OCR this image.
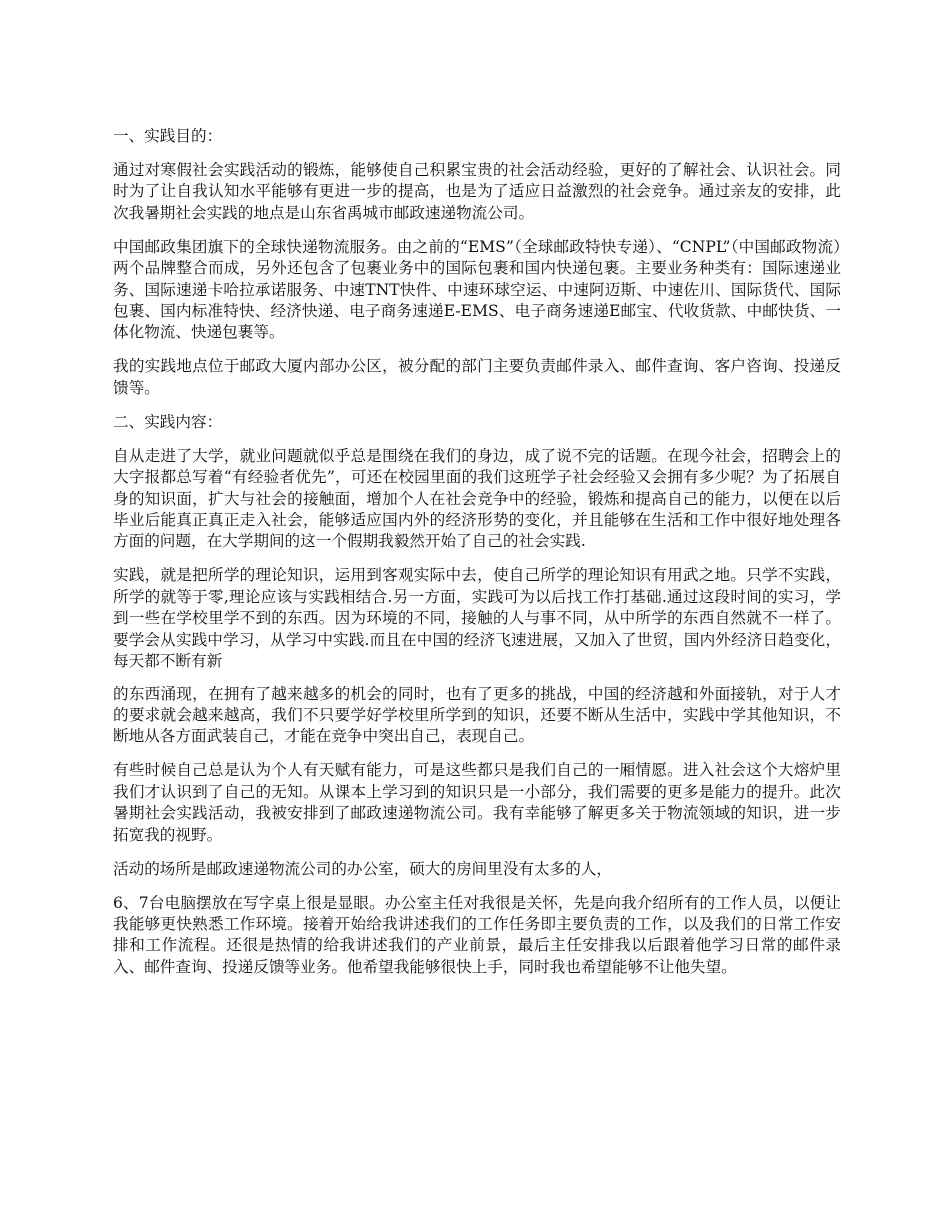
一、实践目的：

通过对寒假社会实践活动的锻炼，能够使自己积累宝贵的社会活动经验，更好的了解社会、认识社会。同时为了让自我认知水平能够有更进一步的提高，也是为了适应日益激烈的社会竞争。通过亲友的安排，此次我暑期社会实践的地点是山东省禹城市邮政速递物流公司。

中国邮政集团旗下的全球快递物流服务。由之前的“EMS”（全球邮政特快专递）、“CNPL”（中国邮政物流）两个品牌整合而成，另外还包含了包裹业务中的国际包裹和国内快递包裹。主要业务种类有：国际速递业务、国际速递卡哈拉承诺服务、中速TNT快件、中速环球空运、中速阿迈斯、中速佐川、国际货代、国际包裹、国内标准特快、经济快递、电子商务速递E-EMS、电子商务速递E邮宝、代收货款、中邮快货、一体化物流、快递包裹等。

我的实践地点位于邮政大厦内部办公区，被分配的部门主要负责邮件录入、邮件查询、客户咨询、投递反馈等。

二、实践内容：

自从走进了大学，就业问题就似乎总是围绕在我们的身边，成了说不完的话题。在现今社会，招聘会上的大字报都总写着“有经验者优先”，可还在校园里面的我们这班学子社会经验又会拥有多少呢？为了拓展自身的知识面，扩大与社会的接触面，增加个人在社会竞争中的经验，锻炼和提高自己的能力，以便在以后毕业后能真正真正走入社会，能够适应国内外的经济形势的变化，并且能够在生活和工作中很好地处理各方面的问题，在大学期间的这一个假期我毅然开始了自己的社会实践.

实践，就是把所学的理论知识，运用到客观实际中去，使自己所学的理论知识有用武之地。只学不实践，所学的就等于零,理论应该与实践相结合.另一方面，实践可为以后找工作打基础.通过这段时间的实习，学到一些在学校里学不到的东西。因为环境的不同，接触的人与事不同，从中所学的东西自然就不一样了。要学会从实践中学习，从学习中实践.而且在中国的经济飞速进展，又加入了世贸，国内外经济日趋变化，每天都不断有新

的东西涌现，在拥有了越来越多的机会的同时，也有了更多的挑战，中国的经济越和外面接轨，对于人才的要求就会越来越高，我们不只要学好学校里所学到的知识，还要不断从生活中，实践中学其他知识，不断地从各方面武装自己，才能在竞争中突出自己，表现自己。

有些时候自己总是认为个人有天赋有能力，可是这些都只是我们自己的一厢情愿。进入社会这个大熔炉里我们才认识到了自己的无知。从课本上学习到的知识只是一小部分，我们需要的更多是能力的提升。此次暑期社会实践活动，我被安排到了邮政速递物流公司。我有幸能够了解更多关于物流领域的知识，进一步拓宽我的视野。

活动的场所是邮政速递物流公司的办公室，硕大的房间里没有太多的人，

6、7台电脑摆放在写字桌上很是显眼。办公室主任对我很是关怀，先是向我介绍所有的工作人员，以便让我能够更快熟悉工作环境。接着开始给我讲述我们的工作任务即主要负责的工作，以及我们的日常工作安排和工作流程。还很是热情的给我讲述我们的产业前景，最后主任安排我以后跟着他学习日常的邮件录入、邮件查询、投递反馈等业务。他希望我能够很快上手，同时我也希望能够不让他失望。
